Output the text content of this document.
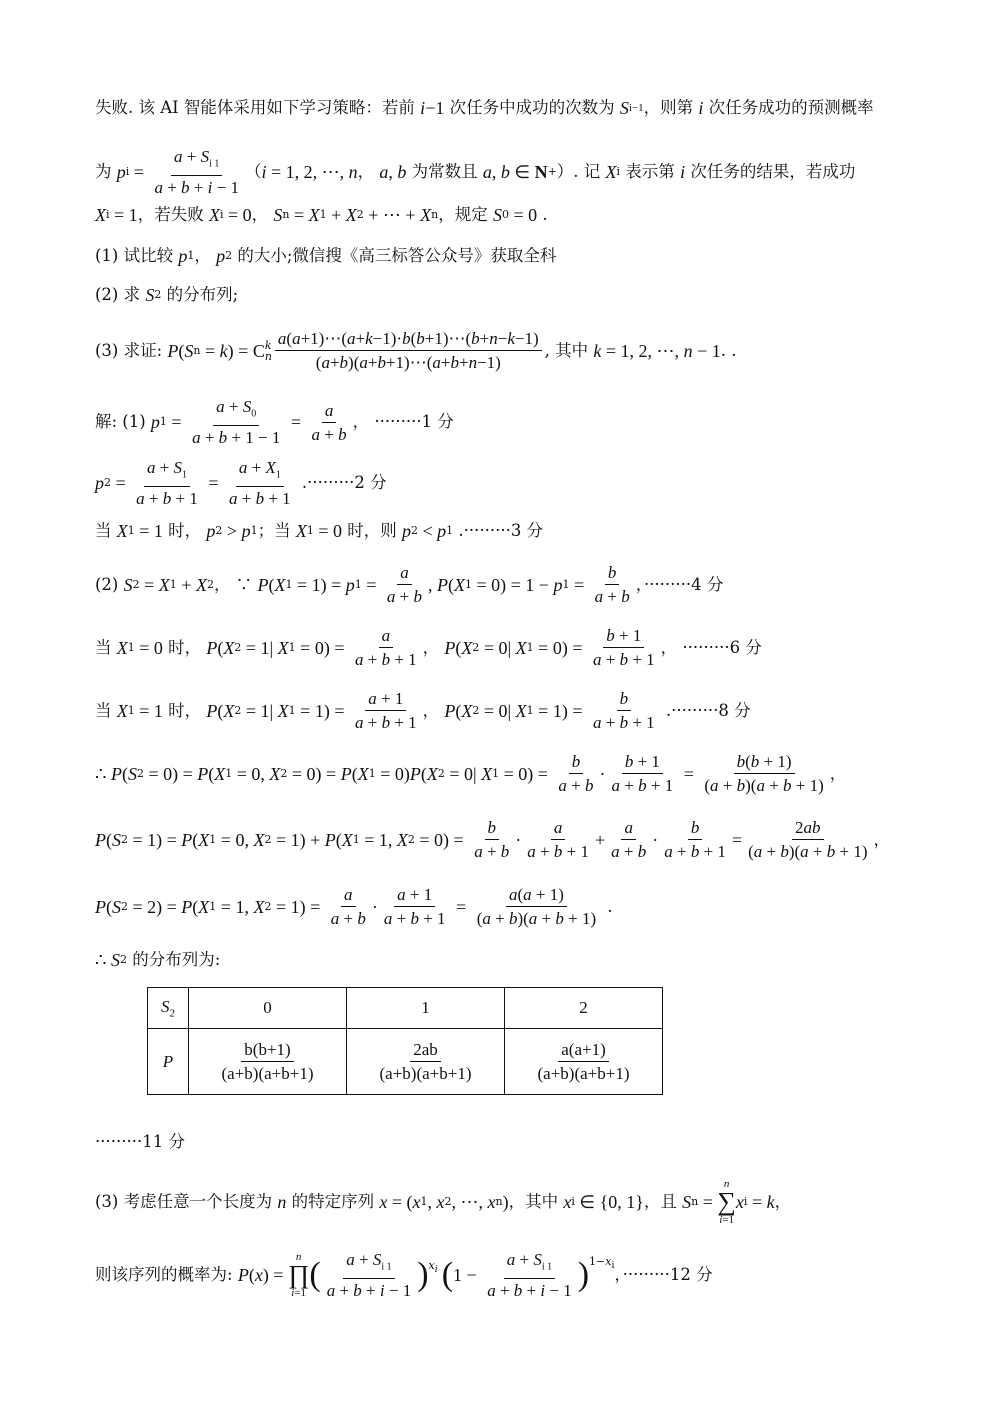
失败. 该 AI 智能体采用如下学习策略：若前 i −1 次任务中成功的次数为 S i−1 ，则第 i 次任务成功的预测概率
为 p $i = \frac{a + S_{i 1}}{a + b + i - 1}$ （ i = 1, 2, ⋯, n ， a , b 为常数且 a , b ∈ N + ）. 记 X i 表示第 i 次任务的结果，若成功
X i = 1 ，若失败 X i = 0 ， S n = X 1 + X 2 + ⋯ + X n ，规定 S 0 = 0 .
(1) 试比较 p 1 ， p 2 的大小;微信搜《高三标答公众号》获取全科
(2) 求 S 2 的分布列;
(3) 求证: P ( S n = k ) = C k
n $\frac{a(a+1)\cdots(a+k-1)\cdot b(b+1)\cdots(b+n-k-1)}{(a+b)(a+b+1)\cdots(a+b+n-1)}$ , 其中 k = 1, 2, ⋯, n − 1 . .
解: (1) p $1 = \frac{a + S_0}{a + b + 1 - 1} = \frac{a}{a + b}$ ， ·········1 分
p $2 = \frac{a + S_1}{a + b + 1} = \frac{a + X_1}{a + b + 1} .\cdot\cdot\cdot\cdot\cdot\cdot\cdot\cdot\cdot 2$ 分
当 X 1 = 1 时， p 2 > p 1 ；当 X 1 = 0 时，则 p 2 < p 1 .·········3 分
(2) S 2 = X 1 + X 2 ， ∵ P ( X 1 = 1) = p $1 = \frac{a}{a + b}$ , P ( X 1 = 0) = 1 − p $1 = \frac{b}{a + b}$ ，·········4 分
当 X 1 = 0 时， P ( X 2 = 1| X $1 = 0) = \frac{a}{a + b + 1}$ ， P ( X 2 = 0| X $1 = 0) = \frac{b + 1}{a + b + 1}$ ， ·········6 分
当 X 1 = 1 时， P ( X 2 = 1| X $1 = 1) = \frac{a + 1}{a + b + 1}$ ， P ( X 2 = 0| X $1 = 1) = \frac{b}{a + b + 1} .\cdot\cdot\cdot\cdot\cdot\cdot\cdot\cdot\cdot 8$ 分
∴ P ( S 2 = 0) = P ( X 1 = 0, X 2 = 0) = P ( X 1 = 0) P ( X 2 = 0| X $1 = 0) = \frac{b}{a + b} \cdot \frac{b + 1}{a + b + 1} = \frac{b(b + 1)}{(a + b)(a + b + 1)}$ ，
P ( S 2 = 1) = P ( X 1 = 0, X 2 = 1) + P ( X 1 = 1, X $2 = 0) = \frac{b}{a + b} \cdot \frac{a}{a + b + 1} + \frac{a}{a + b} \cdot \frac{b}{a + b + 1} = \frac{2ab}{(a + b)(a + b + 1)}$ ，
P ( S 2 = 2) = P ( X 1 = 1, X $2 = 1) = \frac{a}{a + b} \cdot \frac{a + 1}{a + b + 1} = \frac{a(a + 1)}{(a + b)(a + b + 1)}$ .
∴ S 2 的分布列为:
$S_2$	0	1	2
P	$\frac{b(b+1)}{(a+b)(a+b+1)}$	$\frac{2ab}{(a+b)(a+b+1)}$	$\frac{a(a+1)}{(a+b)(a+b+1)}$
·········11 分
(3) 考虑任意一个长度为 n 的特定序列 x = ( x 1 , x 2 , ⋯, x n ) ，其中 x i ∈ {0, 1} ，且 S n =
n
∑
i=1
x i = k ，
则该序列的概率为: P ( x ) =
n
∏
i=1 ( $\frac{a + S_{i 1}}{a + b + i - 1} )^{x_i}$ ( $1 - \frac{a + S_{i 1}}{a + b + i - 1} )^{1-x_i}$ ，·········12 分
